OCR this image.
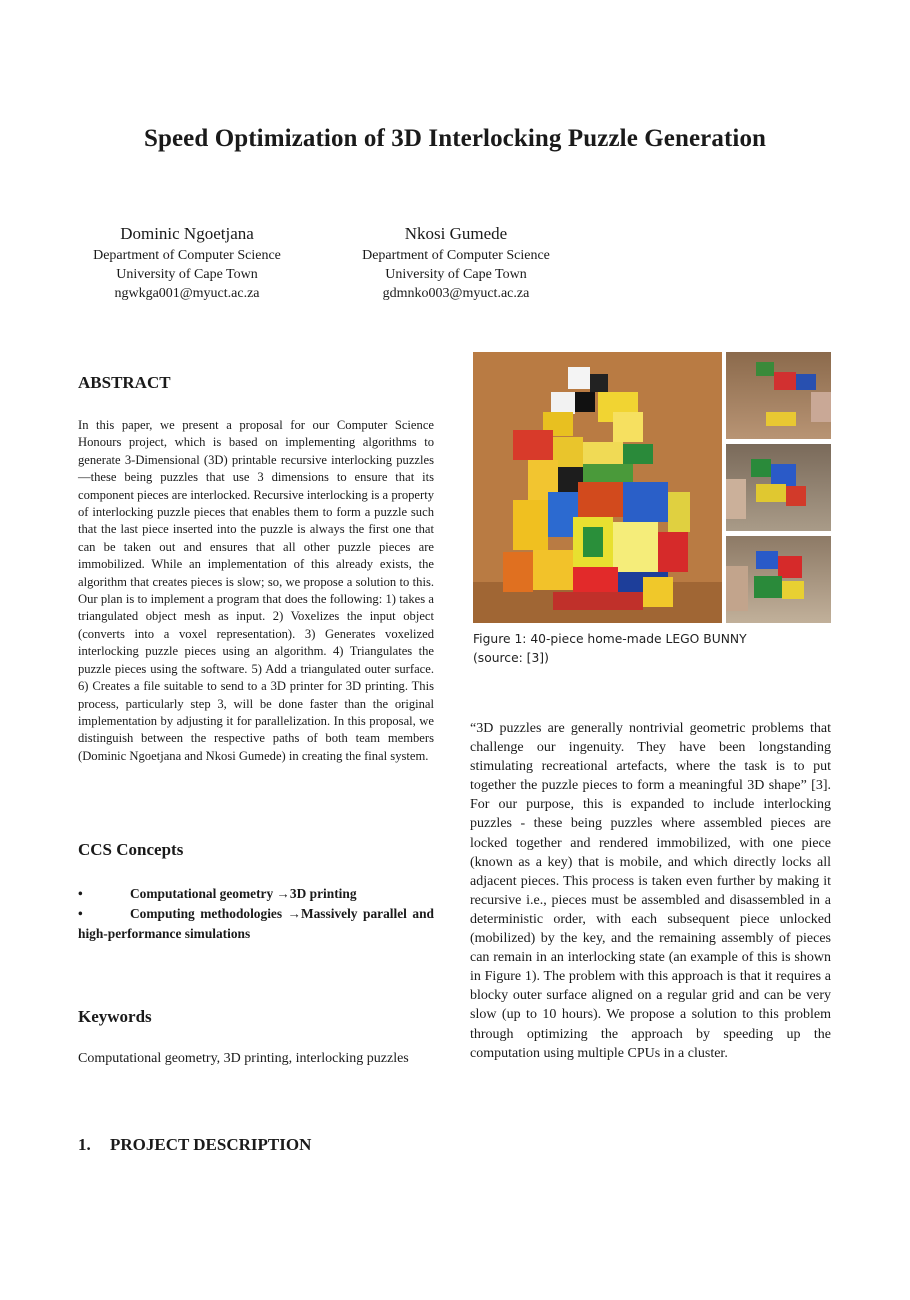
Speed Optimization of 3D Interlocking Puzzle Generation
Dominic Ngoetjana
Department of Computer Science
University of Cape Town
ngwkga001@myuct.ac.za
Nkosi Gumede
Department of Computer Science
University of Cape Town
gdmnko003@myuct.ac.za
ABSTRACT
In this paper, we present a proposal for our Computer Science Honours project, which is based on implementing algorithms to generate 3-Dimensional (3D) printable recursive interlocking puzzles—these being puzzles that use 3 dimensions to ensure that its component pieces are interlocked. Recursive interlocking is a property of interlocking puzzle pieces that enables them to form a puzzle such that the last piece inserted into the puzzle is always the first one that can be taken out and ensures that all other puzzle pieces are immobilized. While an implementation of this already exists, the algorithm that creates pieces is slow; so, we propose a solution to this. Our plan is to implement a program that does the following: 1) takes a triangulated object mesh as input. 2) Voxelizes the input object (converts into a voxel representation). 3) Generates voxelized interlocking puzzle pieces using an algorithm. 4) Triangulates the puzzle pieces using the software. 5) Add a triangulated outer surface. 6) Creates a file suitable to send to a 3D printer for 3D printing. This process, particularly step 3, will be done faster than the original implementation by adjusting it for parallelization. In this proposal, we distinguish between the respective paths of both team members (Dominic Ngoetjana and Nkosi Gumede) in creating the final system.
CCS Concepts
•	Computational geometry →3D printing
•	Computing methodologies →Massively parallel and high-performance simulations
Keywords
Computational geometry, 3D printing, interlocking puzzles
1. PROJECT DESCRIPTION
Figure 1: 40-piece home-made LEGO BUNNY
(source: [3])
“3D puzzles are generally nontrivial geometric problems that challenge our ingenuity. They have been longstanding stimulating recreational artefacts, where the task is to put together the puzzle pieces to form a meaningful 3D shape” [3]. For our purpose, this is expanded to include interlocking puzzles - these being puzzles where assembled pieces are locked together and rendered immobilized, with one piece (known as a key) that is mobile, and which directly locks all adjacent pieces. This process is taken even further by making it recursive i.e., pieces must be assembled and disassembled in a deterministic order, with each subsequent piece unlocked (mobilized) by the key, and the remaining assembly of pieces can remain in an interlocking state (an example of this is shown in Figure 1). The problem with this approach is that it requires a blocky outer surface aligned on a regular grid and can be very slow (up to 10 hours). We propose a solution to this problem through optimizing the approach by speeding up the computation using multiple CPUs in a cluster.
